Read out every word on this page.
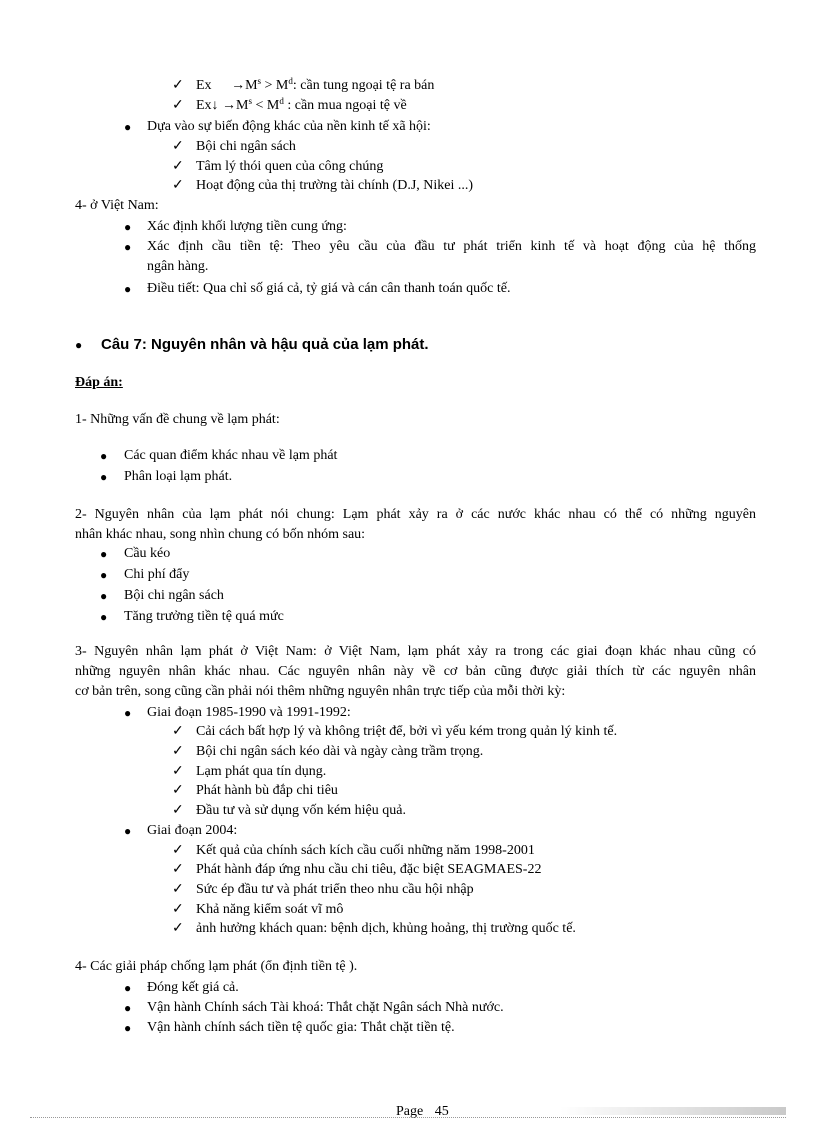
✓ $Ex \to M^s > M^d$: cần tung ngoại tệ ra bán
✓ Ex↓ $\to M^s < M^d$ : cần mua ngoại tệ về
● Dựa vào sự biến động khác của nền kinh tế xã hội:
✓ Bội chi ngân sách
✓ Tâm lý thói quen của công chúng
✓ Hoạt động của thị trường tài chính (D.J, Nikei ...)
4- ở Việt Nam:
● Xác định khối lượng tiền cung ứng:
● Xác định cầu tiền tệ: Theo yêu cầu của đầu tư phát triển kinh tế và hoạt động của hệ thống
ngân hàng.
● Điều tiết: Qua chỉ số giá cả, tỷ giá và cán cân thanh toán quốc tế.
● Câu 7: Nguyên nhân và hậu quả của lạm phát.
Đáp án:
1- Những vấn đề chung về lạm phát:
● Các quan điểm khác nhau về lạm phát
● Phân loại lạm phát.
2- Nguyên nhân của lạm phát nói chung: Lạm phát xảy ra ở các nước khác nhau có thể có những nguyên
nhân khác nhau, song nhìn chung có bốn nhóm sau:
● Cầu kéo
● Chi phí đẩy
● Bội chi ngân sách
● Tăng trưởng tiền tệ quá mức
3- Nguyên nhân lạm phát ở Việt Nam: ở Việt Nam, lạm phát xảy ra trong các giai đoạn khác nhau cũng có
những nguyên nhân khác nhau. Các nguyên nhân này về cơ bản cũng được giải thích từ các nguyên nhân
cơ bản trên, song cũng cần phải nói thêm những nguyên nhân trực tiếp của mỗi thời kỳ:
● Giai đoạn 1985-1990 và 1991-1992:
✓ Cải cách bất hợp lý và không triệt để, bởi vì yếu kém trong quản lý kinh tế.
✓ Bội chi ngân sách kéo dài và ngày càng trầm trọng.
✓ Lạm phát qua tín dụng.
✓ Phát hành bù đắp chi tiêu
✓ Đầu tư và sử dụng vốn kém hiệu quả.
● Giai đoạn 2004:
✓ Kết quả của chính sách kích cầu cuối những năm 1998-2001
✓ Phát hành đáp ứng nhu cầu chi tiêu, đặc biệt SEAGMAES-22
✓ Sức ép đầu tư và phát triển theo nhu cầu hội nhập
✓ Khả năng kiểm soát vĩ mô
✓ ảnh hưởng khách quan: bệnh dịch, khủng hoảng, thị trường quốc tế.
4- Các giải pháp chống lạm phát (ổn định tiền tệ ).
● Đóng kết giá cả.
● Vận hành Chính sách Tài khoá: Thắt chặt Ngân sách Nhà nước.
● Vận hành chính sách tiền tệ quốc gia: Thắt chặt tiền tệ.
Page 45
